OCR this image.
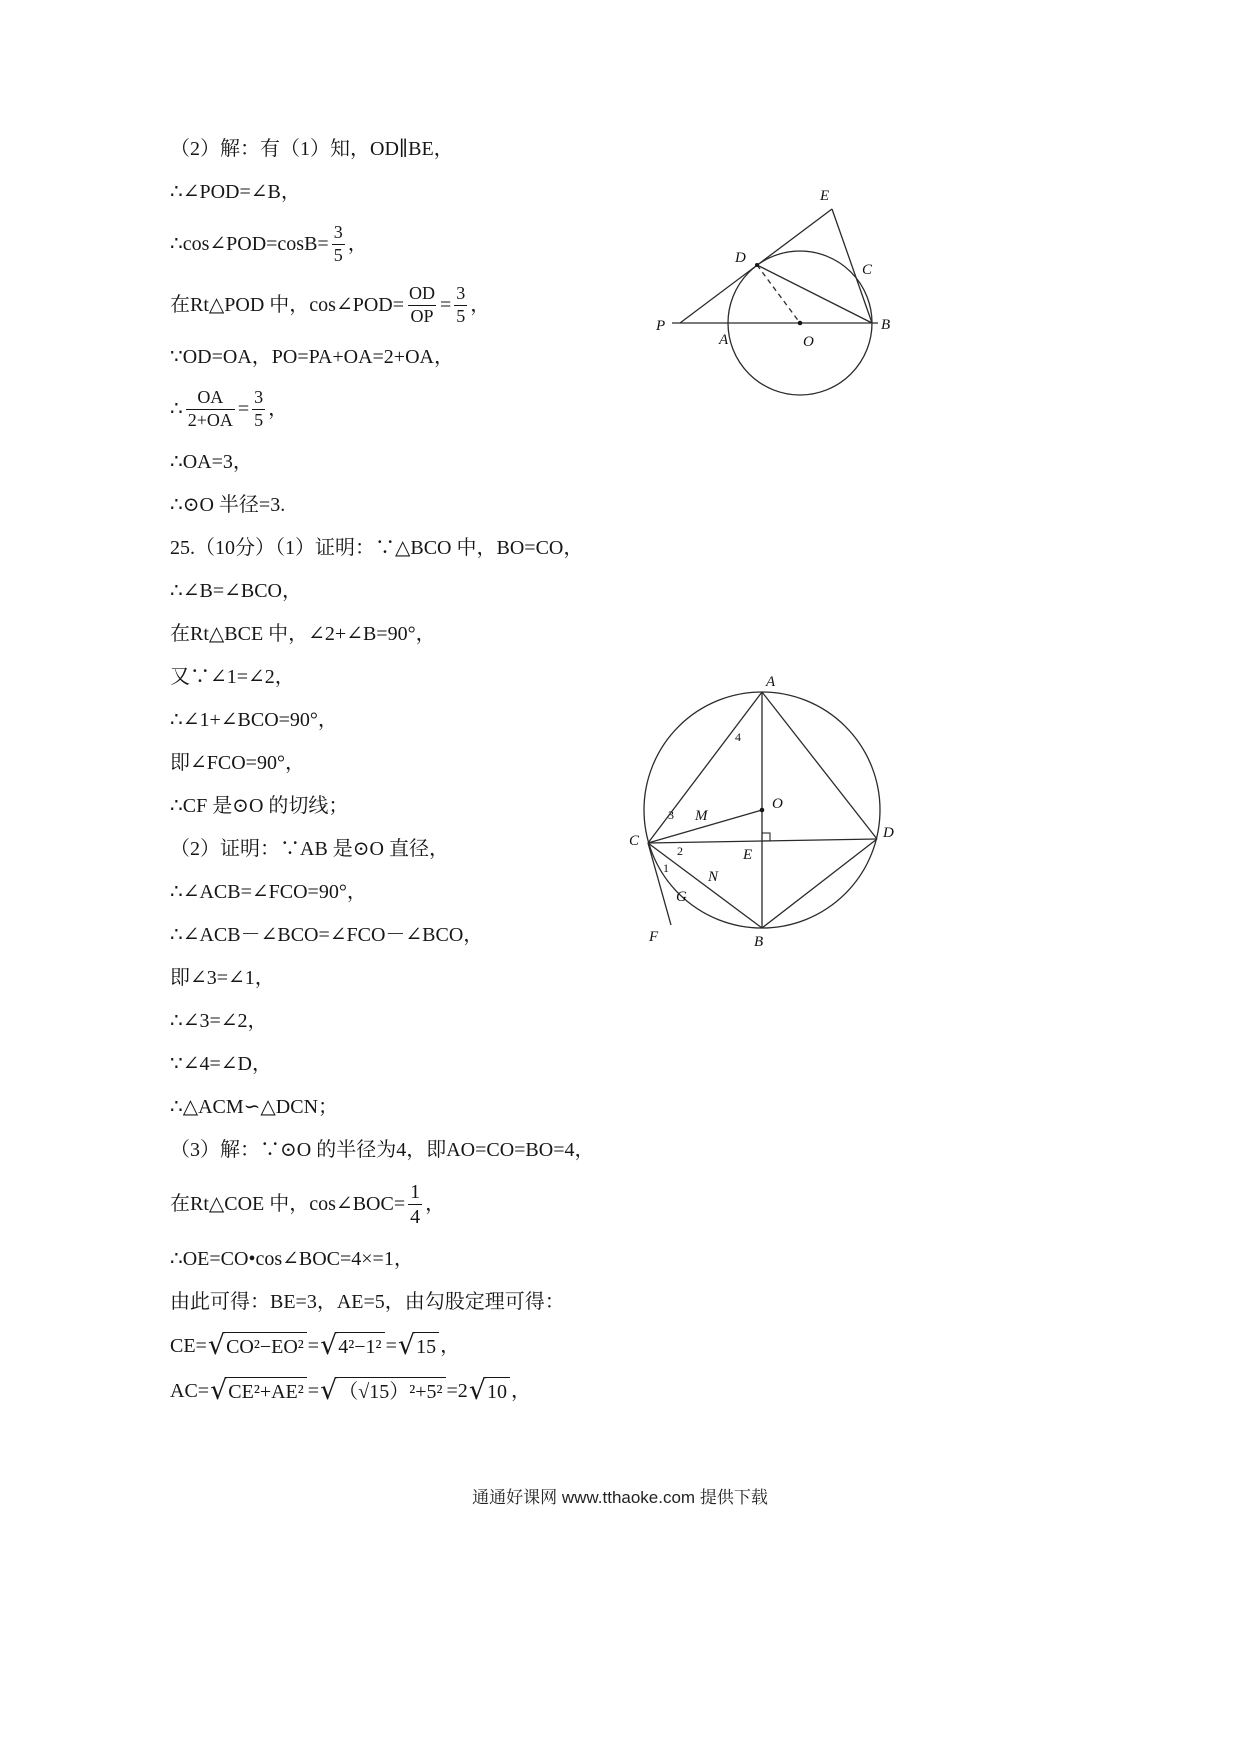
（2）解：有（1）知，OD∥BE，

∴∠POD=∠B，

∴cos∠POD=cosB= $\frac{3}{5}$ ，

在Rt△POD 中，cos∠POD= $\frac{OD}{OP} = \frac{3}{5}$ ，

∵OD=OA，PO=PA+OA=2+OA，

∴ $\frac{OA}{2+OA} = \frac{3}{5}$ ，

∴OA=3，

∴⊙O 半径=3.

25.（10分）（1）证明：∵△BCO 中，BO=CO，

∴∠B=∠BCO，

在Rt△BCE 中，∠2+∠B=90°，

又∵∠1=∠2，

∴∠1+∠BCO=90°，

即∠FCO=90°，

∴CF 是⊙O 的切线；

（2）证明：∵AB 是⊙O 直径，

∴∠ACB=∠FCO=90°，

∴∠ACB－∠BCO=∠FCO－∠BCO，

即∠3=∠1，

∴∠3=∠2，

∵∠4=∠D，

∴△ACM∽△DCN；

（3）解：∵⊙O 的半径为4，即AO=CO=BO=4，

在Rt△COE 中，cos∠BOC= $\frac{1}{4}$ ，

∴OE=CO•cos∠BOC=4×=1，

由此可得：BE=3，AE=5，由勾股定理可得：

CE= √ CO²−EO² = √ 4²−1² = √ 15 ，

AC= √ CE²+AE² = √ （√15）²+5² =2 √ 10 ，

P
A	O
B
D
E
C
A
B
C	D
E
F
G
M
N
O
4
3
2
1
通通好课网 www.tthaoke.com 提供下载
